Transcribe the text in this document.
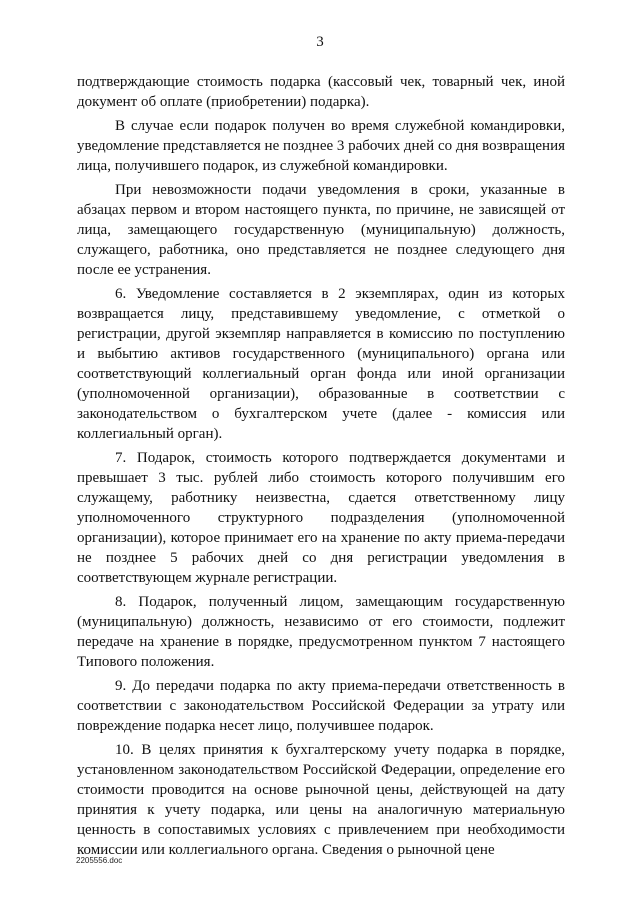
3

подтверждающие стоимость подарка (кассовый чек, товарный чек, иной документ об оплате (приобретении) подарка).

В случае если подарок получен во время служебной командировки, уведомление представляется не позднее 3 рабочих дней со дня возвращения лица, получившего подарок, из служебной командировки.

При невозможности подачи уведомления в сроки, указанные в абзацах первом и втором настоящего пункта, по причине, не зависящей от лица, замещающего государственную (муниципальную) должность, служащего, работника, оно представляется не позднее следующего дня после ее устранения.

6. Уведомление составляется в 2 экземплярах, один из которых возвращается лицу, представившему уведомление, с отметкой о регистрации, другой экземпляр направляется в комиссию по поступлению и выбытию активов государственного (муниципального) органа или соответствующий коллегиальный орган фонда или иной организации (уполномоченной организации), образованные в соответствии с законодательством о бухгалтерском учете (далее - комиссия или коллегиальный орган).

7. Подарок, стоимость которого подтверждается документами и превышает 3 тыс. рублей либо стоимость которого получившим его служащему, работнику неизвестна, сдается ответственному лицу уполномоченного структурного подразделения (уполномоченной организации), которое принимает его на хранение по акту приема-передачи не позднее 5 рабочих дней со дня регистрации уведомления в соответствующем журнале регистрации.

8. Подарок, полученный лицом, замещающим государственную (муниципальную) должность, независимо от его стоимости, подлежит передаче на хранение в порядке, предусмотренном пунктом 7 настоящего Типового положения.

9. До передачи подарка по акту приема-передачи ответственность в соответствии с законодательством Российской Федерации за утрату или повреждение подарка несет лицо, получившее подарок.

10. В целях принятия к бухгалтерскому учету подарка в порядке, установленном законодательством Российской Федерации, определение его стоимости проводится на основе рыночной цены, действующей на дату принятия к учету подарка, или цены на аналогичную материальную ценность в сопоставимых условиях с привлечением при необходимости комиссии или коллегиального органа. Сведения о рыночной цене

2205556.doc
